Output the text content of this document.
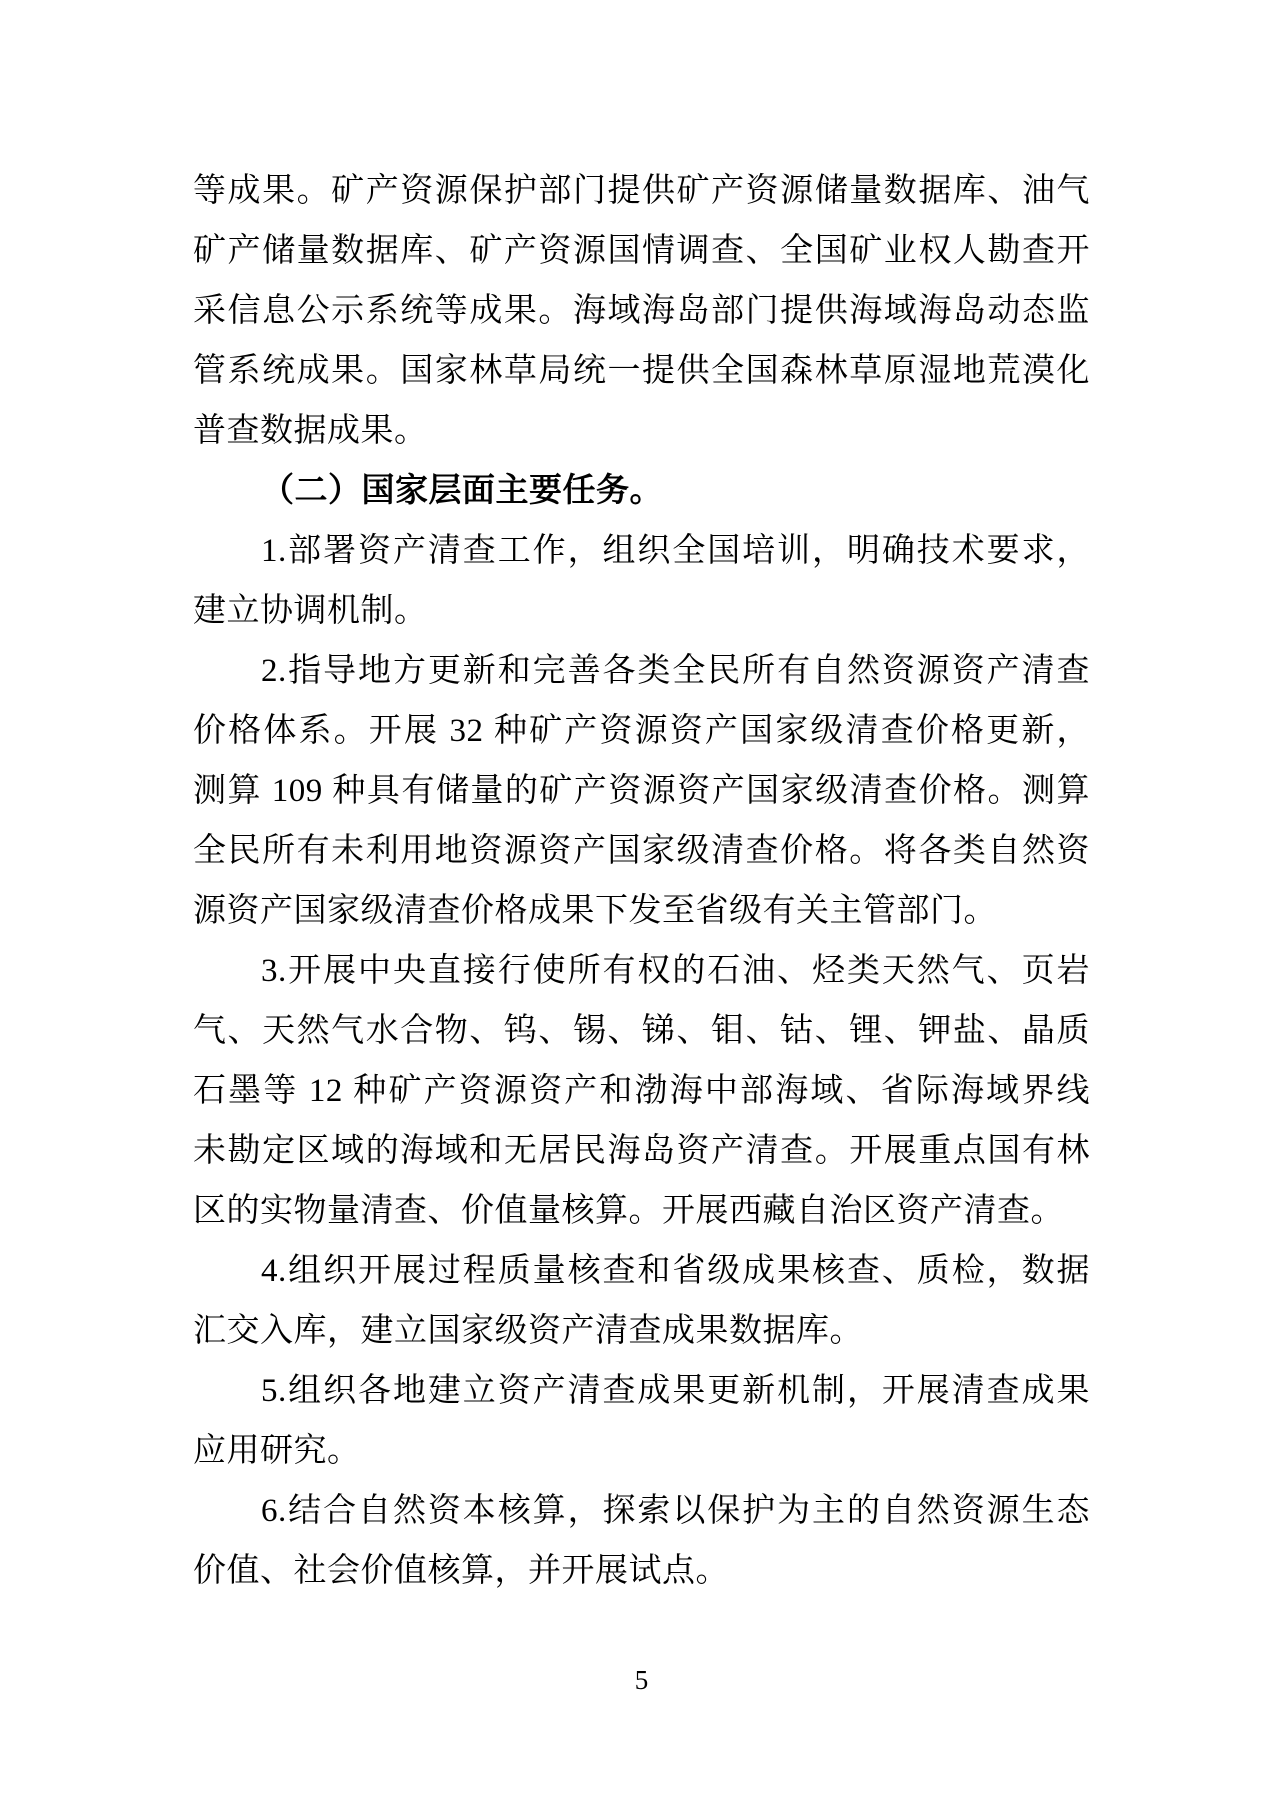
等成果。矿产资源保护部门提供矿产资源储量数据库、油气
矿产储量数据库、矿产资源国情调查、全国矿业权人勘查开
采信息公示系统等成果。海域海岛部门提供海域海岛动态监
管系统成果。国家林草局统一提供全国森林草原湿地荒漠化
普查数据成果。
（二）国家层面主要任务。
1.部署资产清查工作，组织全国培训，明确技术要求，
建立协调机制。
2.指导地方更新和完善各类全民所有自然资源资产清查
价格体系。开展 32 种矿产资源资产国家级清查价格更新，
测算 109 种具有储量的矿产资源资产国家级清查价格。测算
全民所有未利用地资源资产国家级清查价格。将各类自然资
源资产国家级清查价格成果下发至省级有关主管部门。
3.开展中央直接行使所有权的石油、烃类天然气、页岩
气、天然气水合物、钨、锡、锑、钼、钴、锂、钾盐、晶质
石墨等 12 种矿产资源资产和渤海中部海域、省际海域界线
未勘定区域的海域和无居民海岛资产清查。开展重点国有林
区的实物量清查、价值量核算。开展西藏自治区资产清查。
4.组织开展过程质量核查和省级成果核查、质检，数据
汇交入库，建立国家级资产清查成果数据库。
5.组织各地建立资产清查成果更新机制，开展清查成果
应用研究。
6.结合自然资本核算，探索以保护为主的自然资源生态
价值、社会价值核算，并开展试点。
5
